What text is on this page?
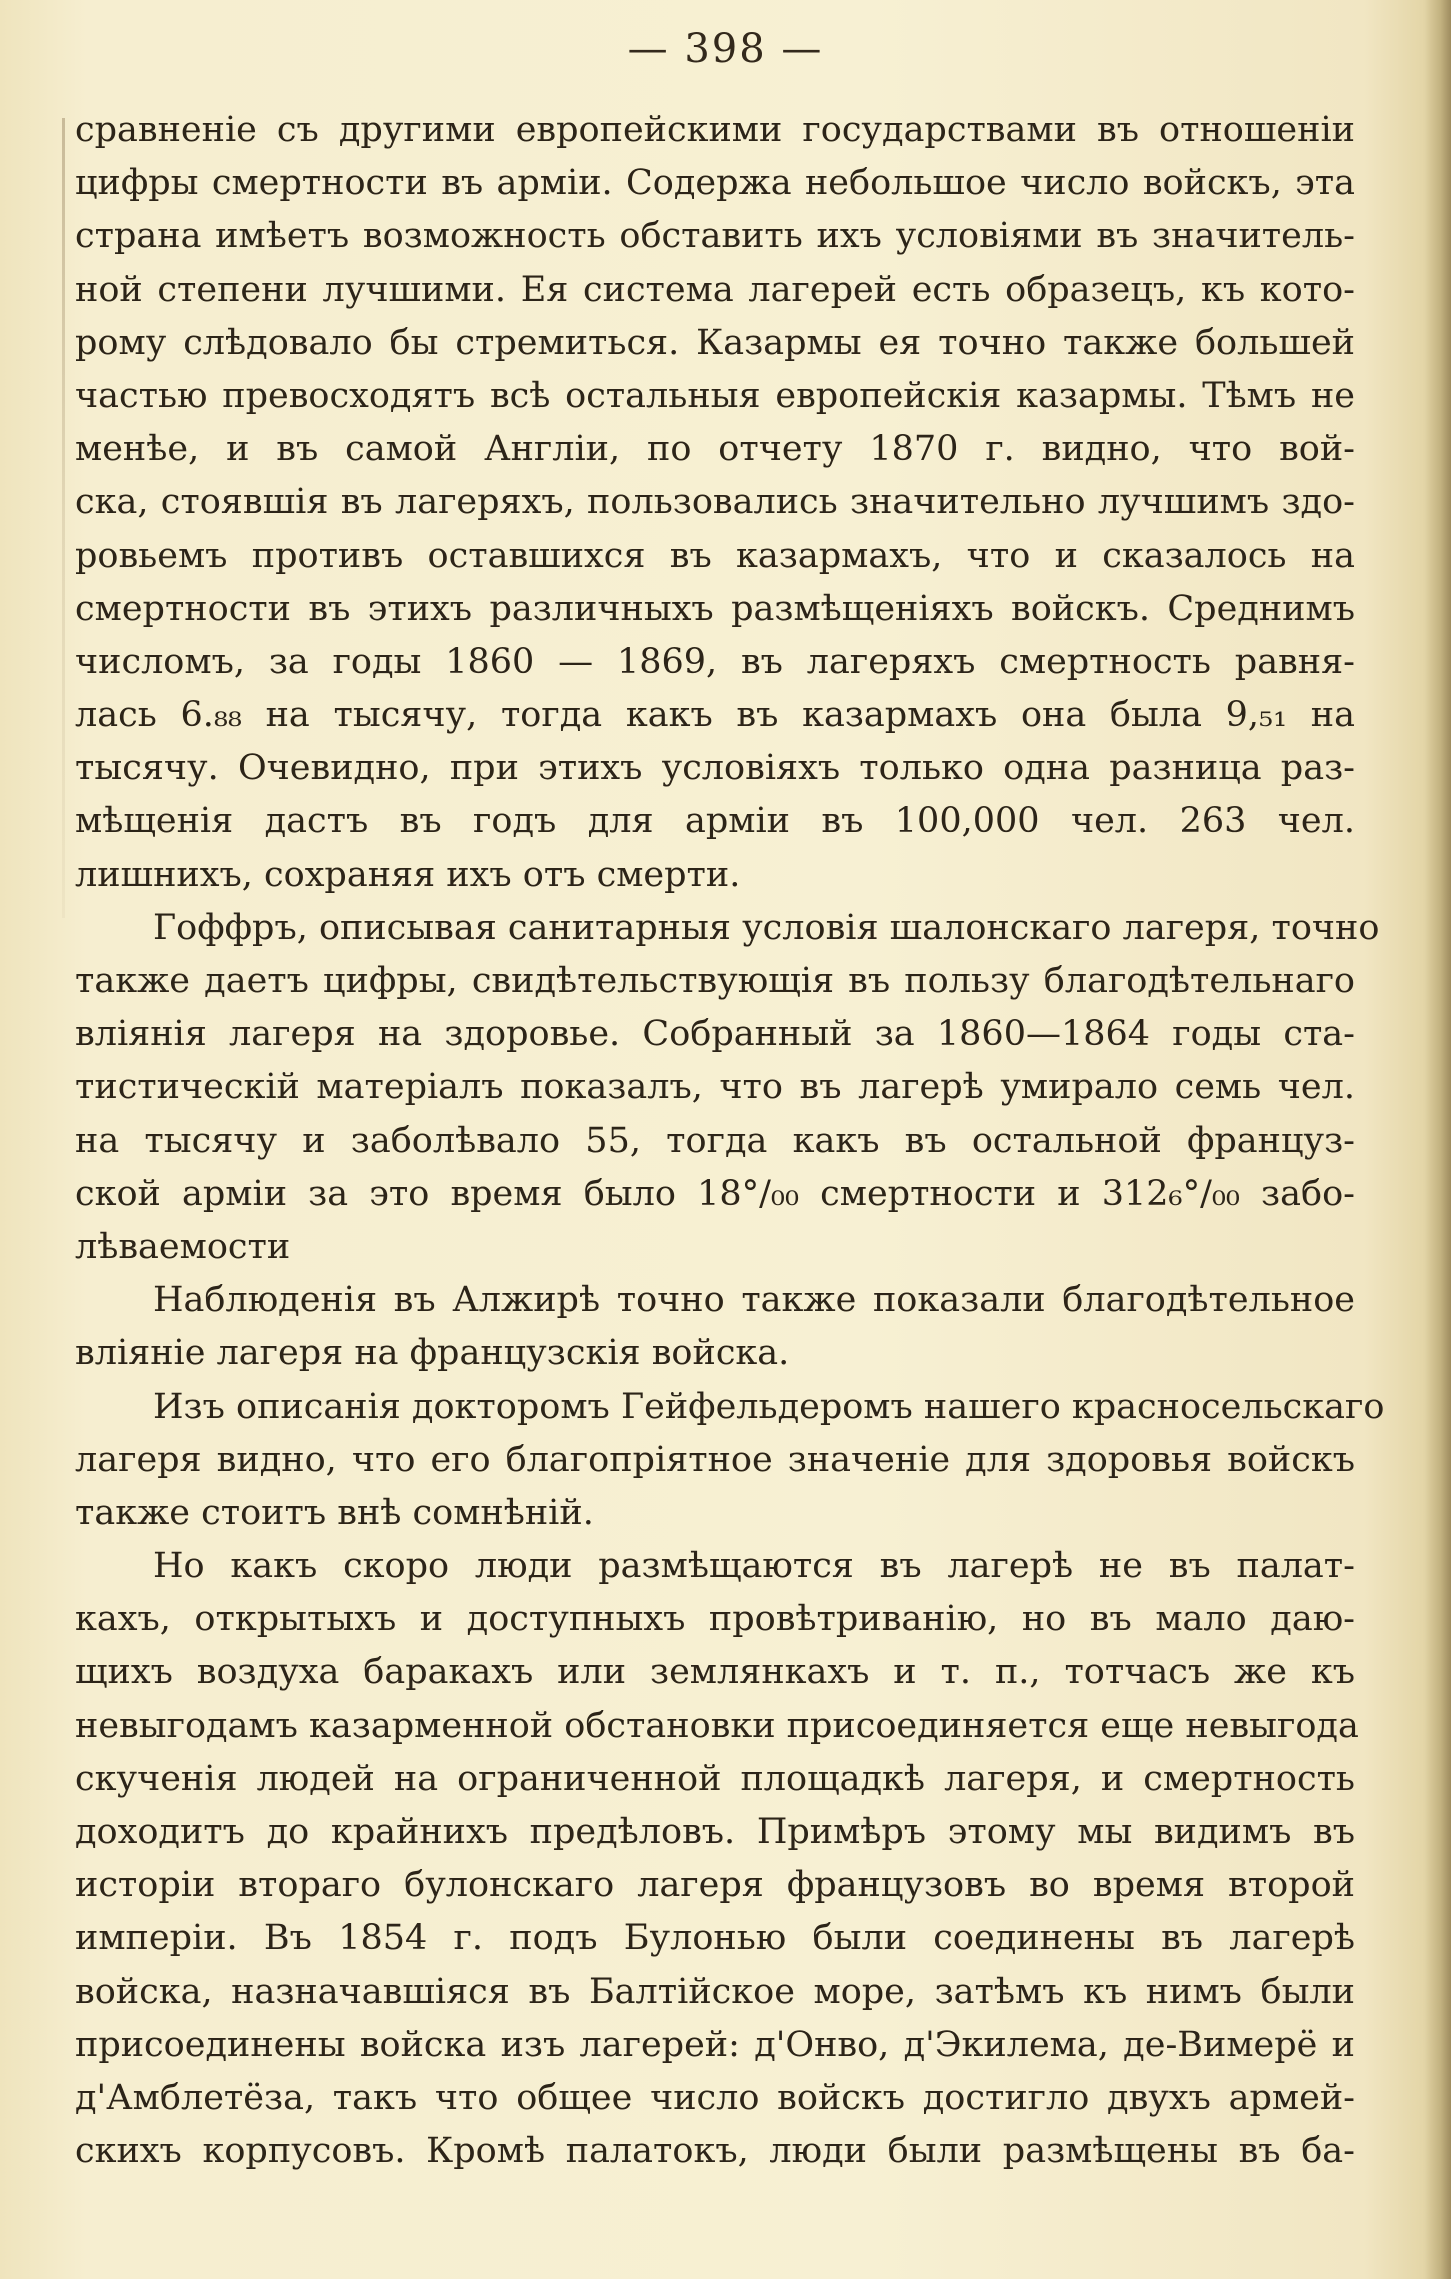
— 398 —
сравненіе съ другими европейскими государствами въ отношеніи
цифры смертности въ арміи. Содержа небольшое число войскъ, эта
страна имѣетъ возможность обставить ихъ условіями въ значитель-
ной степени лучшими. Ея система лагерей есть образецъ, къ кото-
рому слѣдовало бы стремиться. Казармы ея точно также большей
частью превосходятъ всѣ остальныя европейскія казармы. Тѣмъ не
менѣе, и въ самой Англіи, по отчету 1870 г. видно, что вой-
ска, стоявшія въ лагеряхъ, пользовались значительно лучшимъ здо-
ровьемъ противъ оставшихся въ казармахъ, что и сказалось на
смертности въ этихъ различныхъ размѣщеніяхъ войскъ. Среднимъ
числомъ, за годы 1860 — 1869, въ лагеряхъ смертность равня-
лась 6.₈₈ на тысячу, тогда какъ въ казармахъ она была 9,₅₁ на
тысячу. Очевидно, при этихъ условіяхъ только одна разница раз-
мѣщенія дастъ въ годъ для арміи въ 100,000 чел. 263 чел.
лишнихъ, сохраняя ихъ отъ смерти.
Гоффръ, описывая санитарныя условія шалонскаго лагеря, точно
также даетъ цифры, свидѣтельствующія въ пользу благодѣтельнаго
вліянія лагеря на здоровье. Собранный за 1860—1864 годы ста-
тистическій матеріалъ показалъ, что въ лагерѣ умирало семь чел.
на тысячу и заболѣвало 55, тогда какъ въ остальной француз-
ской арміи за это время было 18°/₀₀ смертности и 312₆°/₀₀ забо-
лѣваемости
Наблюденія въ Алжирѣ точно также показали благодѣтельное
вліяніе лагеря на французскія войска.
Изъ описанія докторомъ Гейфельдеромъ нашего красносельскаго
лагеря видно, что его благопріятное значеніе для здоровья войскъ
также стоитъ внѣ сомнѣній.
Но какъ скоро люди размѣщаются въ лагерѣ не въ палат-
кахъ, открытыхъ и доступныхъ провѣтриванію, но въ мало даю-
щихъ воздуха баракахъ или землянкахъ и т. п., тотчасъ же къ
невыгодамъ казарменной обстановки присоединяется еще невыгода
скученія людей на ограниченной площадкѣ лагеря, и смертность
доходитъ до крайнихъ предѣловъ. Примѣръ этому мы видимъ въ
исторіи втораго булонскаго лагеря французовъ во время второй
имперіи. Въ 1854 г. подъ Булонью были соединены въ лагерѣ
войска, назначавшіяся въ Балтійское море, затѣмъ къ нимъ были
присоединены войска изъ лагерей: д'Онво, д'Экилема, де-Вимерё и
д'Амблетёза, такъ что общее число войскъ достигло двухъ армей-
скихъ корпусовъ. Кромѣ палатокъ, люди были размѣщены въ ба-
